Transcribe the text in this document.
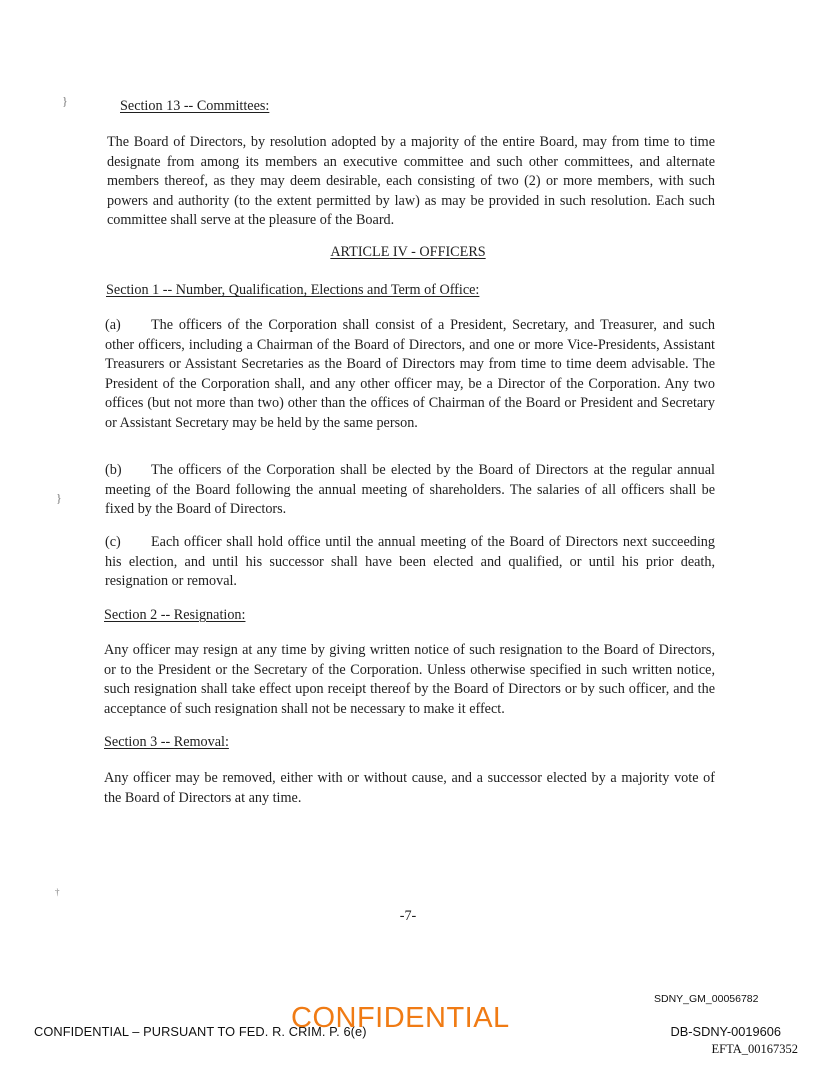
}
}
†
Section 13 -- Committees:
The Board of Directors, by resolution adopted by a majority of the entire Board, may from time to time designate from among its members an executive committee and such other committees, and alternate members thereof, as they may deem desirable, each consisting of two (2) or more members, with such powers and authority (to the extent permitted by law) as may be provided in such resolution. Each such committee shall serve at the pleasure of the Board.
ARTICLE IV - OFFICERS
Section 1 -- Number, Qualification, Elections and Term of Office:
(a) The officers of the Corporation shall consist of a President, Secretary, and Treasurer, and such other officers, including a Chairman of the Board of Directors, and one or more Vice-Presidents, Assistant Treasurers or Assistant Secretaries as the Board of Directors may from time to time deem advisable. The President of the Corporation shall, and any other officer may, be a Director of the Corporation. Any two offices (but not more than two) other than the offices of Chairman of the Board or President and Secretary or Assistant Secretary may be held by the same person.
(b) The officers of the Corporation shall be elected by the Board of Directors at the regular annual meeting of the Board following the annual meeting of shareholders. The salaries of all officers shall be fixed by the Board of Directors.
(c) Each officer shall hold office until the annual meeting of the Board of Directors next succeeding his election, and until his successor shall have been elected and qualified, or until his prior death, resignation or removal.
Section 2 -- Resignation:
Any officer may resign at any time by giving written notice of such resignation to the Board of Directors, or to the President or the Secretary of the Corporation. Unless otherwise specified in such written notice, such resignation shall take effect upon receipt thereof by the Board of Directors or by such officer, and the acceptance of such resignation shall not be necessary to make it effect.
Section 3 -- Removal:
Any officer may be removed, either with or without cause, and a successor elected by a majority vote of the Board of Directors at any time.
-7-
SDNY_GM_00056782
CONFIDENTIAL – PURSUANT TO FED. R. CRIM. P. 6(e)
CONFIDENTIAL	DB-SDNY-0019606
EFTA_00167352
